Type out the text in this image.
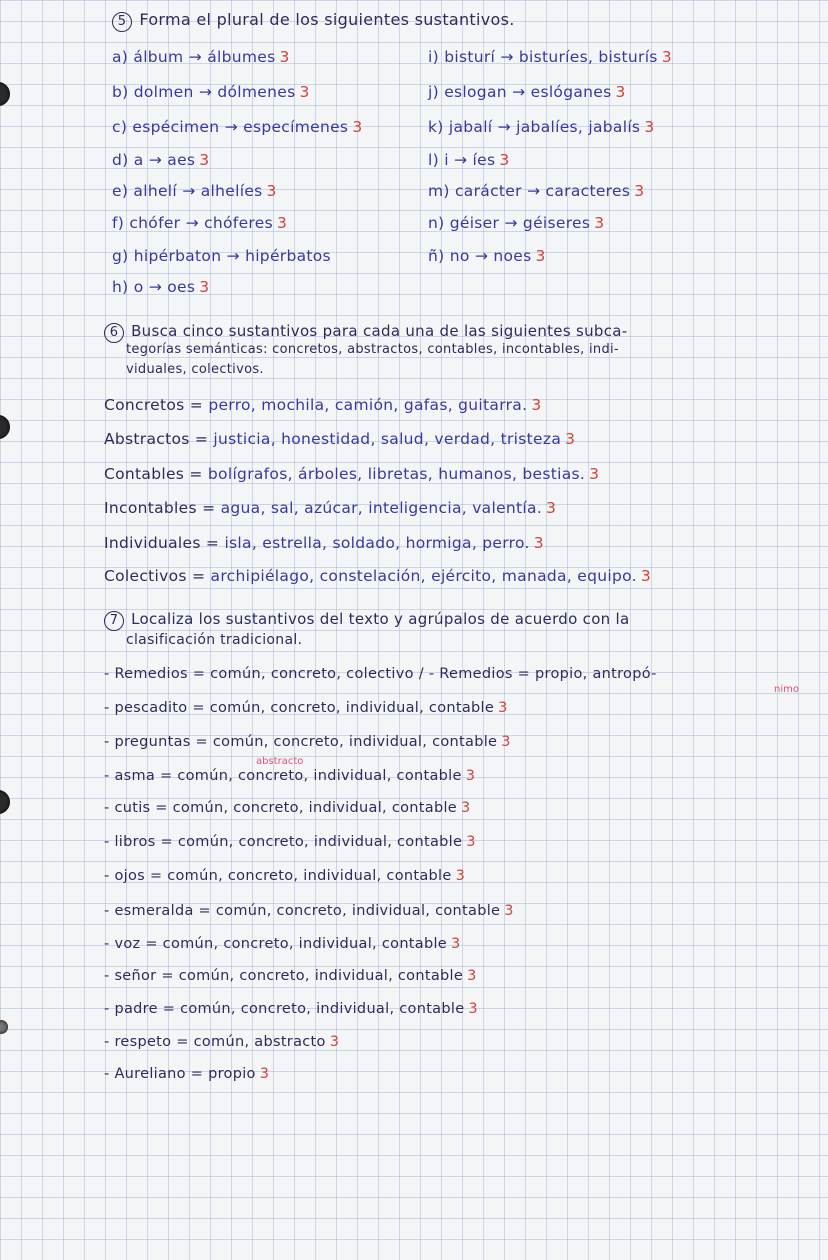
5 Forma el plural de los siguientes sustantivos.
a) álbum → álbumes 3
b) dolmen → dólmenes 3
c) espécimen → especímenes 3
d) a → aes 3
e) alhelí → alhelíes 3
f) chófer → chóferes 3
g) hipérbaton → hipérbatos
h) o → oes 3
i) bisturí → bisturíes, bisturís 3
j) eslogan → eslóganes 3
k) jabalí → jabalíes, jabalís 3
l) i → íes 3
m) carácter → caracteres 3
n) géiser → géiseres 3
ñ) no → noes 3
6 Busca cinco sustantivos para cada una de las siguientes subca-
tegorías semánticas: concretos, abstractos, contables, incontables, indi-
viduales, colectivos.
Concretos = perro, mochila, camión, gafas, guitarra. 3
Abstractos = justicia, honestidad, salud, verdad, tristeza 3
Contables = bolígrafos, árboles, libretas, humanos, bestias. 3
Incontables = agua, sal, azúcar, inteligencia, valentía. 3
Individuales = isla, estrella, soldado, hormiga, perro. 3
Colectivos = archipiélago, constelación, ejército, manada, equipo. 3
7 Localiza los sustantivos del texto y agrúpalos de acuerdo con la
clasificación tradicional.
- Remedios = común, concreto, colectivo / - Remedios = propio, antropó-
nimo
abstracto
- pescadito = común, concreto, individual, contable 3
- preguntas = común, concreto, individual, contable 3
- asma = común, concreto, individual, contable 3
- cutis = común, concreto, individual, contable 3
- libros = común, concreto, individual, contable 3
- ojos = común, concreto, individual, contable 3
- esmeralda = común, concreto, individual, contable 3
- voz = común, concreto, individual, contable 3
- señor = común, concreto, individual, contable 3
- padre = común, concreto, individual, contable 3
- respeto = común, abstracto 3
- Aureliano = propio 3
